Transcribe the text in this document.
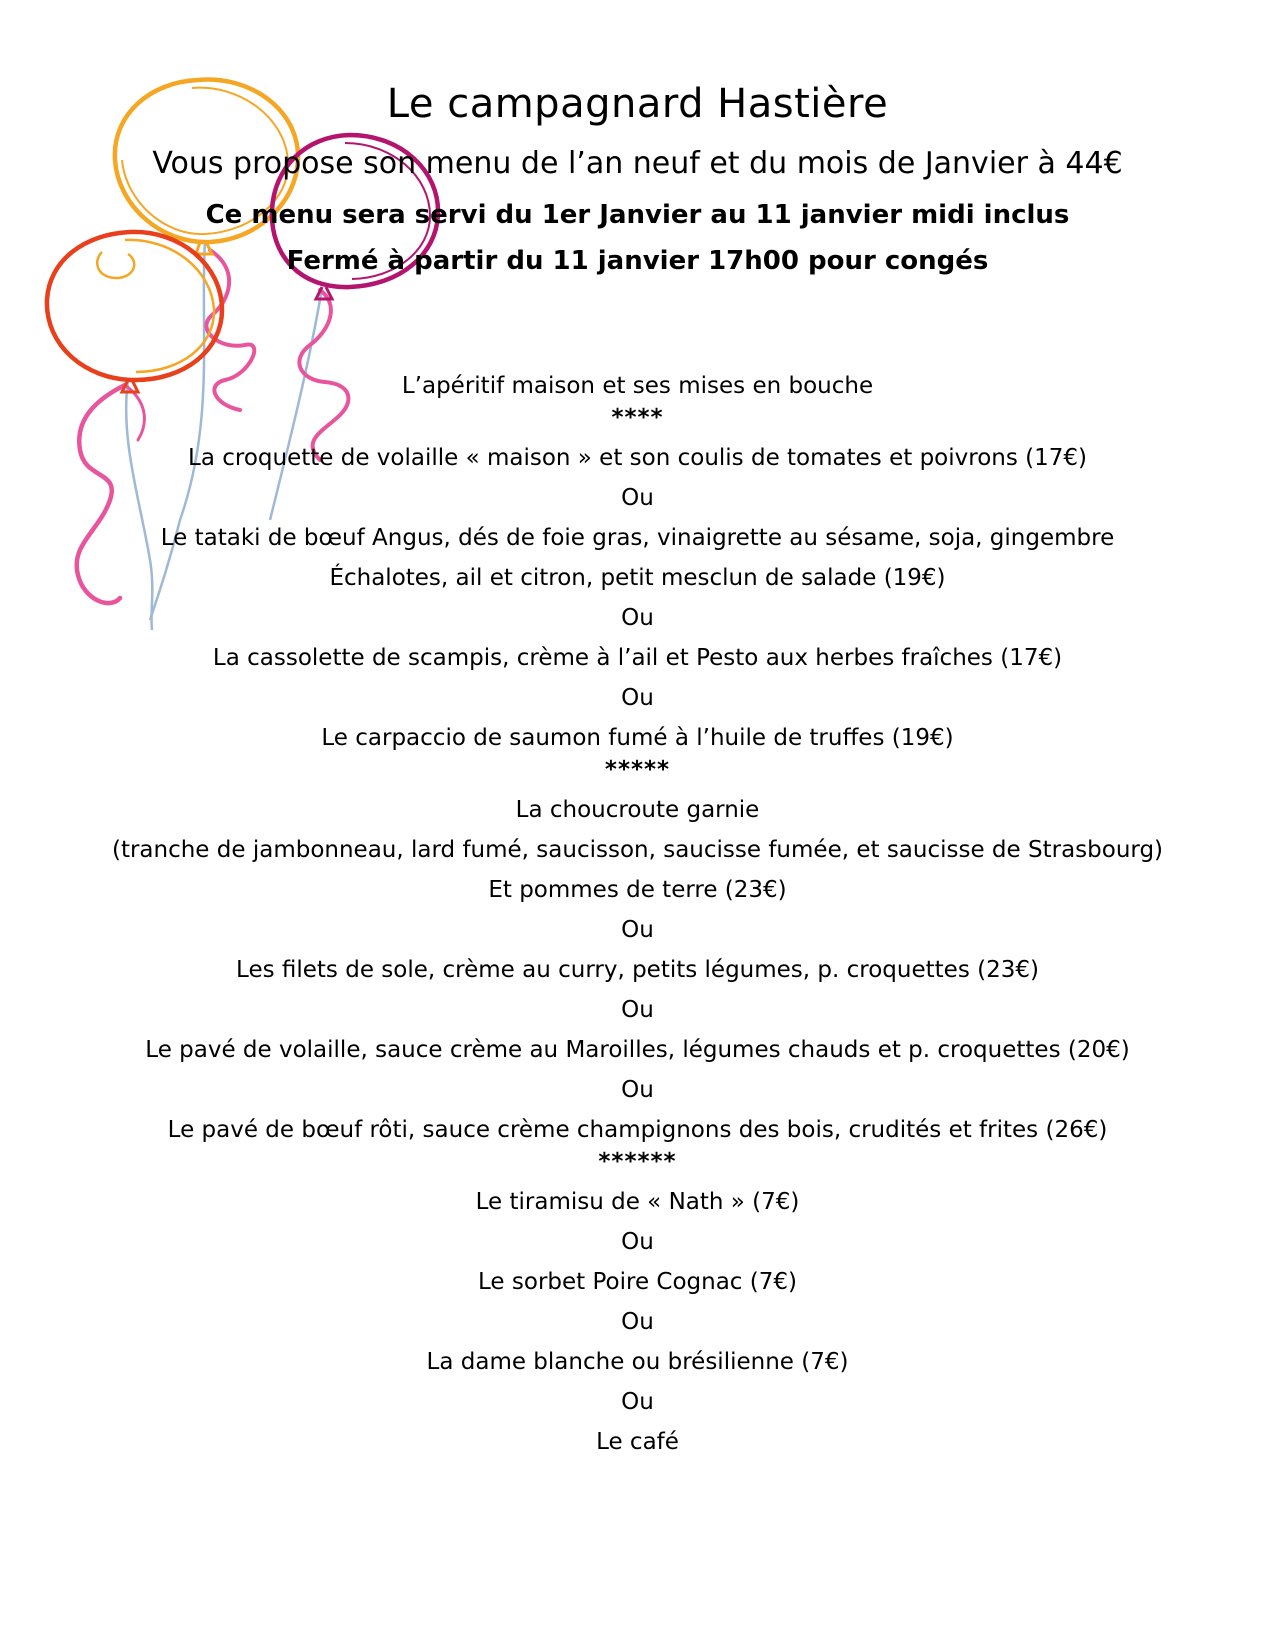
Le campagnard Hastière
Vous propose son menu de l’an neuf et du mois de Janvier à 44€
Ce menu sera servi du 1er Janvier au 11 janvier midi inclus
Fermé à partir du 11 janvier 17h00 pour congés
L’apéritif maison et ses mises en bouche
****
La croquette de volaille « maison » et son coulis de tomates et poivrons (17€)
Ou
Le tataki de bœuf Angus, dés de foie gras, vinaigrette au sésame, soja, gingembre
Échalotes, ail et citron, petit mesclun de salade (19€)
Ou
La cassolette de scampis, crème à l’ail et Pesto aux herbes fraîches (17€)
Ou
Le carpaccio de saumon fumé à l’huile de truffes (19€)
*****
La choucroute garnie
(tranche de jambonneau, lard fumé, saucisson, saucisse fumée, et saucisse de Strasbourg)
Et pommes de terre (23€)
Ou
Les filets de sole, crème au curry, petits légumes, p. croquettes (23€)
Ou
Le pavé de volaille, sauce crème au Maroilles, légumes chauds et p. croquettes (20€)
Ou
Le pavé de bœuf rôti, sauce crème champignons des bois, crudités et frites (26€)
******
Le tiramisu de « Nath » (7€)
Ou
Le sorbet Poire Cognac (7€)
Ou
La dame blanche ou brésilienne (7€)
Ou
Le café
